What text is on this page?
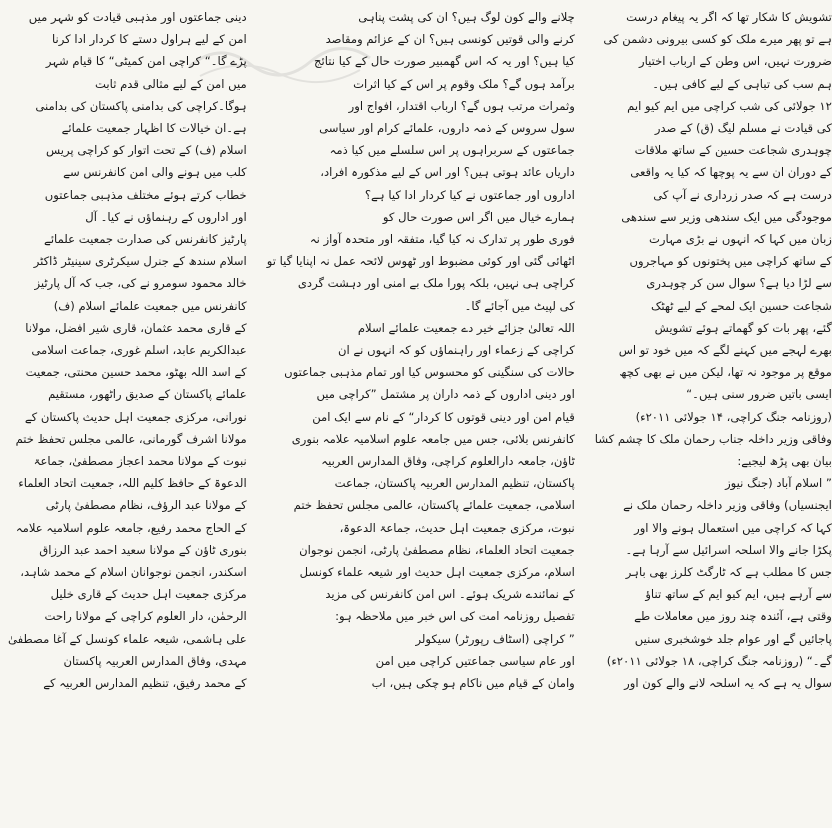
دینی جماعتوں اور مذہبی قیادت کو شہر میں
امن کے لیے ہراول دستے کا کردار ادا کرنا
پڑے گا۔“ کراچی امن کمیٹی“ کا قیام شہر
میں امن کے لیے مثالی قدم ثابت
ہوگا۔کراچی کی بدامنی پاکستان کی بدامنی
ہے۔ان خیالات کا اظہار جمعیت علمائے
اسلام (ف) کے تحت اتوار کو کراچی پریس
کلب میں ہونے والی امن کانفرنس سے
خطاب کرتے ہوئے مختلف مذہبی جماعتوں
اور اداروں کے رہنماؤں نے کیا۔ آل
پارٹیز کانفرنس کی صدارت جمعیت علمائے
اسلام سندھ کے جنرل سیکرٹری سینیٹر ڈاکٹر
خالد محمود سومرو نے کی، جب کہ آل پارٹیز
کانفرنس میں جمعیت علمائے اسلام (ف)
کے قاری محمد عثمان، قاری شیر افضل، مولانا
عبدالکریم عابد، اسلم غوری، جماعت اسلامی
کے اسد اللہ بھٹو، محمد حسین محنتی، جمعیت
علمائے پاکستان کے صدیق راٹھور، مستقیم
نورانی، مرکزی جمعیت اہل حدیث پاکستان کے
مولانا اشرف گورمانی، عالمی مجلس تحفظ ختم
نبوت کے مولانا محمد اعجاز مصطفیٰ، جماعۃ
الدعوۃ کے حافظ کلیم اللہ، جمعیت اتحاد العلماء
کے مولانا عبد الرؤف، نظام مصطفیٰ پارٹی
کے الحاج محمد رفیع، جامعہ علوم اسلامیہ علامہ
بنوری ٹاؤن کے مولانا سعید احمد عبد الرزاق
اسکندر، انجمن نوجوانان اسلام کے محمد شاہد،
مرکزی جمعیت اہل حدیث کے قاری خلیل
الرحمٰن، دار العلوم کراچی کے مولانا راحت
علی ہاشمی، شیعہ علماء کونسل کے آغا مصطفیٰ
مہدی، وفاق المدارس العربیہ پاکستان
کے محمد رفیق، تنظیم المدارس العربیہ کے
چلانے والے کون لوگ ہیں؟ ان کی پشت پناہی
کرنے والی قوتیں کونسی ہیں؟ ان کے عزائم ومقاصد
کیا ہیں؟ اور یہ کہ اس گھمبیر صورت حال کے کیا نتائج
برآمد ہوں گے؟ ملک وقوم پر اس کے کیا اثرات
وثمرات مرتب ہوں گے؟ ارباب اقتدار، افواج اور
سول سروس کے ذمہ داروں، علمائے کرام اور سیاسی
جماعتوں کے سربراہوں پر اس سلسلے میں کیا ذمہ
داریاں عائد ہوتی ہیں؟ اور اس کے لیے مذکورہ افراد،
اداروں اور جماعتوں نے کیا کردار ادا کیا ہے؟
ہمارے خیال میں اگر اس صورت حال کو
فوری طور پر تدارک نہ کیا گیا، متفقہ اور متحدہ آواز نہ
اٹھائی گئی اور کوئی مضبوط اور ٹھوس لائحہ عمل نہ اپنایا گیا تو
کراچی ہی نہیں، بلکہ پورا ملک بے امنی اور دہشت گردی
کی لپیٹ میں آجائے گا۔
اللہ تعالیٰ جزائے خیر دے جمعیت علمائے اسلام
کراچی کے زعماء اور راہنماؤں کو کہ انہوں نے ان
حالات کی سنگینی کو محسوس کیا اور تمام مذہبی جماعتوں
اور دینی اداروں کے ذمہ داران پر مشتمل ”کراچی میں
قیام امن اور دینی قوتوں کا کردار“ کے نام سے ایک امن
کانفرنس بلائی، جس میں جامعہ علوم اسلامیہ علامہ بنوری
ٹاؤن، جامعہ دارالعلوم کراچی، وفاق المدارس العربیہ
پاکستان، تنظیم المدارس العربیہ پاکستان، جماعت
اسلامی، جمعیت علمائے پاکستان، عالمی مجلس تحفظ ختم
نبوت، مرکزی جمعیت اہل حدیث، جماعۃ الدعوۃ،
جمعیت اتحاد العلماء، نظام مصطفیٰ پارٹی، انجمن نوجوان
اسلام، مرکزی جمعیت اہل حدیث اور شیعہ علماء کونسل
کے نمائندے شریک ہوئے۔ اس امن کانفرنس کی مزید
تفصیل روزنامہ امت کی اس خبر میں ملاحظہ ہو:
” کراچی (اسٹاف رپورٹر) سیکولر
اور عام سیاسی جماعتیں کراچی میں امن
وامان کے قیام میں ناکام ہو چکی ہیں، اب
تشویش کا شکار تھا کہ اگر یہ پیغام درست
ہے تو پھر میرے ملک کو کسی بیرونی دشمن کی
ضرورت نہیں، اس وطن کے ارباب اختیار
ہم سب کی تباہی کے لیے کافی ہیں۔
۱۲ جولائی کی شب کراچی میں ایم کیو ایم
کی قیادت نے مسلم لیگ (ق) کے صدر
چوہدری شجاعت حسین کے ساتھ ملاقات
کے دوران ان سے یہ پوچھا کہ کیا یہ واقعی
درست ہے کہ صدر زرداری نے آپ کی
موجودگی میں ایک سندھی وزیر سے سندھی
زبان میں کہا کہ انہوں نے بڑی مہارت
کے ساتھ کراچی میں پختونوں کو مہاجروں
سے لڑا دیا ہے؟ سوال سن کر چوہدری
شجاعت حسین ایک لمحے کے لیے ٹھٹک
گئے، پھر بات کو گھماتے ہوئے تشویش
بھرے لہجے میں کہنے لگے کہ میں خود تو اس
موقع پر موجود نہ تھا، لیکن میں نے بھی کچھ
ایسی باتیں ضرور سنی ہیں۔“
(روزنامہ جنگ کراچی، ۱۴ جولائی ۲۰۱۱ء)
وفاقی وزیر داخلہ جناب رحمان ملک کا چشم کشا
بیان بھی پڑھ لیجیے:
” اسلام آباد (جنگ نیوز
ایجنسیاں) وفاقی وزیر داخلہ رحمان ملک نے
کہا کہ کراچی میں استعمال ہونے والا اور
پکڑا جانے والا اسلحہ اسرائیل سے آرہا ہے۔
جس کا مطلب ہے کہ ٹارگٹ کلرز بھی باہر
سے آرہے ہیں، ایم کیو ایم کے ساتھ تناؤ
وقتی ہے، آئندہ چند روز میں معاملات طے
پاجائیں گے اور عوام جلد خوشخبری سنیں
گے۔“ (روزنامہ جنگ کراچی، ۱۸ جولائی ۲۰۱۱ء)
سوال یہ ہے کہ یہ اسلحہ لانے والے کون اور
